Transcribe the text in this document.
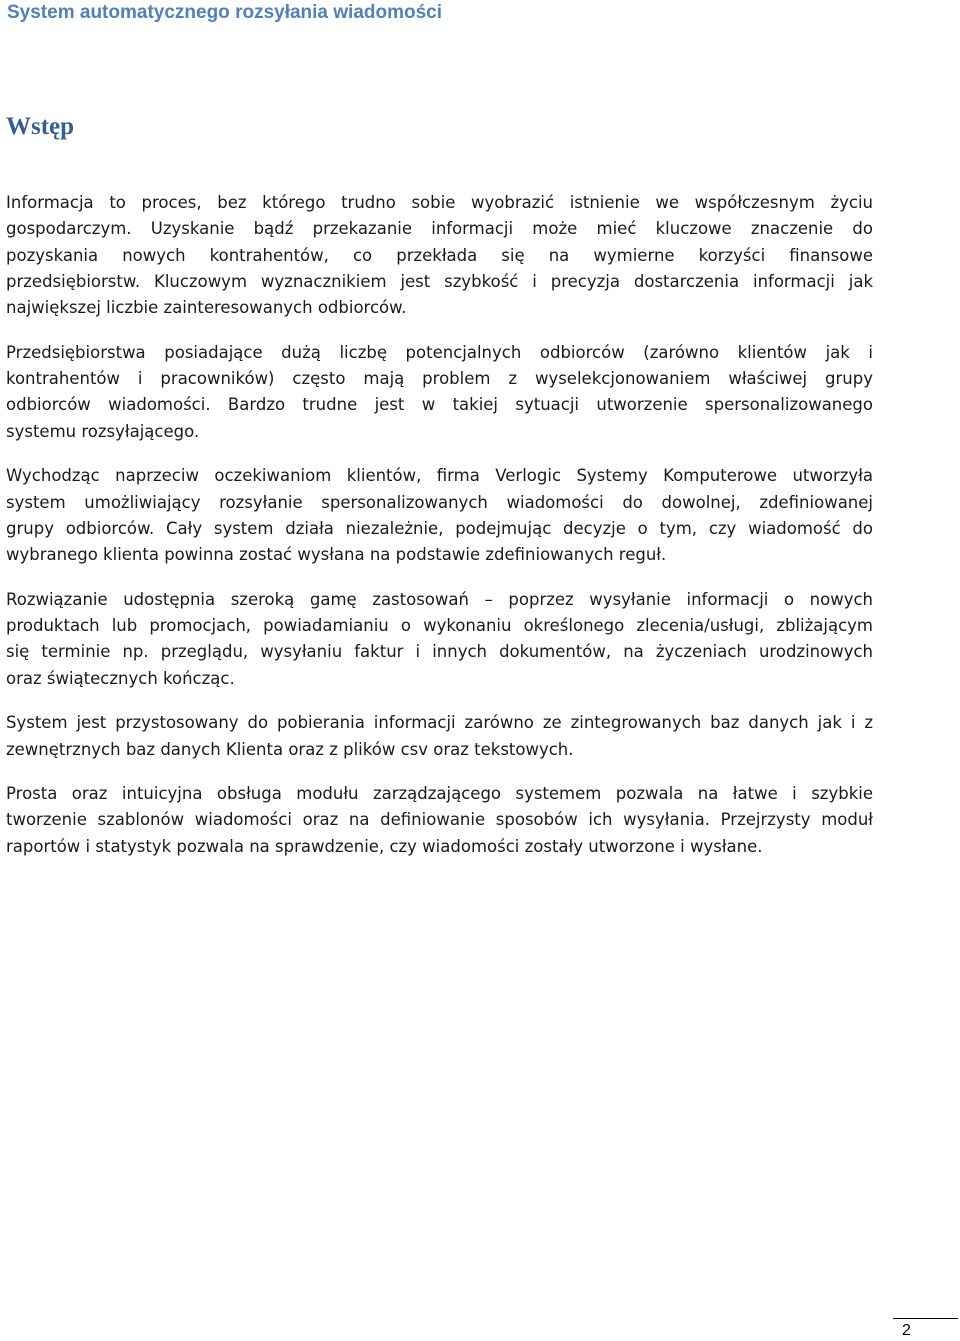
System automatycznego rozsyłania wiadomości
Wstęp

Informacja to proces, bez którego trudno sobie wyobrazić istnienie we współczesnym życiu
gospodarczym. Uzyskanie bądź przekazanie informacji może mieć kluczowe znaczenie do
pozyskania nowych kontrahentów, co przekłada się na wymierne korzyści finansowe
przedsiębiorstw. Kluczowym wyznacznikiem jest szybkość i precyzja dostarczenia informacji jak
największej liczbie zainteresowanych odbiorców.

Przedsiębiorstwa posiadające dużą liczbę potencjalnych odbiorców (zarówno klientów jak i
kontrahentów i pracowników) często mają problem z wyselekcjonowaniem właściwej grupy
odbiorców wiadomości. Bardzo trudne jest w takiej sytuacji utworzenie spersonalizowanego
systemu rozsyłającego.

Wychodząc naprzeciw oczekiwaniom klientów, firma Verlogic Systemy Komputerowe utworzyła
system umożliwiający rozsyłanie spersonalizowanych wiadomości do dowolnej, zdefiniowanej
grupy odbiorców. Cały system działa niezależnie, podejmując decyzje o tym, czy wiadomość do
wybranego klienta powinna zostać wysłana na podstawie zdefiniowanych reguł.

Rozwiązanie udostępnia szeroką gamę zastosowań – poprzez wysyłanie informacji o nowych
produktach lub promocjach, powiadamianiu o wykonaniu określonego zlecenia/usługi, zbliżającym
się terminie np. przeglądu, wysyłaniu faktur i innych dokumentów, na życzeniach urodzinowych
oraz świątecznych kończąc.

System jest przystosowany do pobierania informacji zarówno ze zintegrowanych baz danych jak i z
zewnętrznych baz danych Klienta oraz z plików csv oraz tekstowych.

Prosta oraz intuicyjna obsługa modułu zarządzającego systemem pozwala na łatwe i szybkie
tworzenie szablonów wiadomości oraz na definiowanie sposobów ich wysyłania. Przejrzysty moduł
raportów i statystyk pozwala na sprawdzenie, czy wiadomości zostały utworzone i wysłane.

2
